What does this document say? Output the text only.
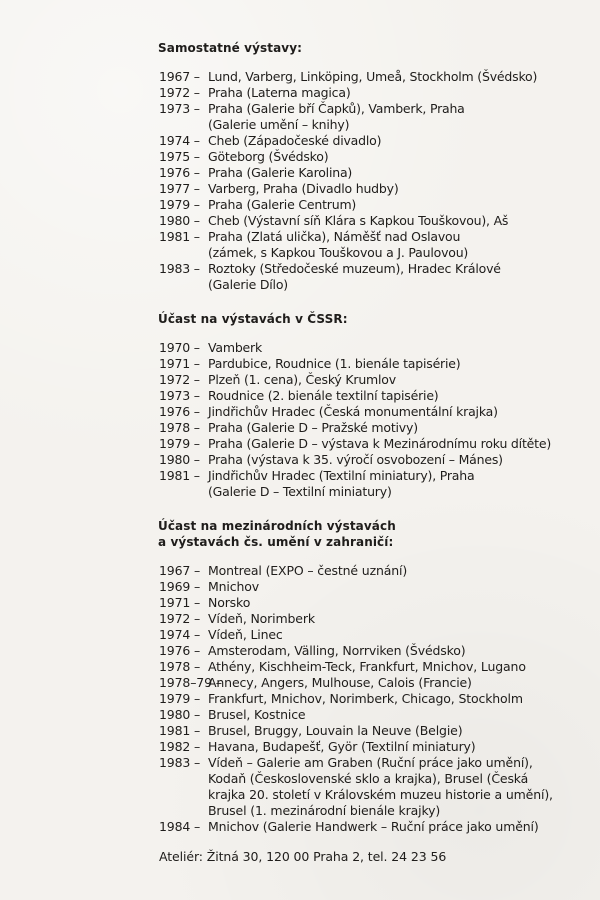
Samostatné výstavy:
1967 – Lund, Varberg, Linköping, Umeå, Stockholm (Švédsko)
1972 – Praha (Laterna magica)
1973 – Praha (Galerie bří Čapků), Vamberk, Praha
(Galerie umění – knihy)
1974 – Cheb (Západočeské divadlo)
1975 – Göteborg (Švédsko)
1976 – Praha (Galerie Karolina)
1977 – Varberg, Praha (Divadlo hudby)
1979 – Praha (Galerie Centrum)
1980 – Cheb (Výstavní síň Klára s Kapkou Touškovou), Aš
1981 – Praha (Zlatá ulička), Náměšť nad Oslavou
(zámek, s Kapkou Touškovou a J. Paulovou)
1983 – Roztoky (Středočeské muzeum), Hradec Králové
(Galerie Dílo)
Účast na výstavách v ČSSR:
1970 – Vamberk
1971 – Pardubice, Roudnice (1. bienále tapisérie)
1972 – Plzeň (1. cena), Český Krumlov
1973 – Roudnice (2. bienále textilní tapisérie)
1976 – Jindřichův Hradec (Česká monumentální krajka)
1978 – Praha (Galerie D – Pražské motivy)
1979 – Praha (Galerie D – výstava k Mezinárodnímu roku dítěte)
1980 – Praha (výstava k 35. výročí osvobození – Mánes)
1981 – Jindřichův Hradec (Textilní miniatury), Praha
(Galerie D – Textilní miniatury)
Účast na mezinárodních výstavách
a výstavách čs. umění v zahraničí:
1967 – Montreal (EXPO – čestné uznání)
1969 – Mnichov
1971 – Norsko
1972 – Vídeň, Norimberk
1974 – Vídeň, Linec
1976 – Amsterodam, Välling, Norrviken (Švédsko)
1978 – Athény, Kischheim-Teck, Frankfurt, Mnichov, Lugano
1978–79 –
Annecy, Angers, Mulhouse, Calois (Francie)
1979 – Frankfurt, Mnichov, Norimberk, Chicago, Stockholm
1980 – Brusel, Kostnice
1981 – Brusel, Bruggy, Louvain la Neuve (Belgie)
1982 – Havana, Budapešť, Györ (Textilní miniatury)
1983 – Vídeň – Galerie am Graben (Ruční práce jako umění),
Kodaň (Československé sklo a krajka), Brusel (Česká
krajka 20. století v Královském muzeu historie a umění),
Brusel (1. mezinárodní bienále krajky)
1984 – Mnichov (Galerie Handwerk – Ruční práce jako umění)
Ateliér: Žitná 30, 120 00 Praha 2, tel. 24 23 56
